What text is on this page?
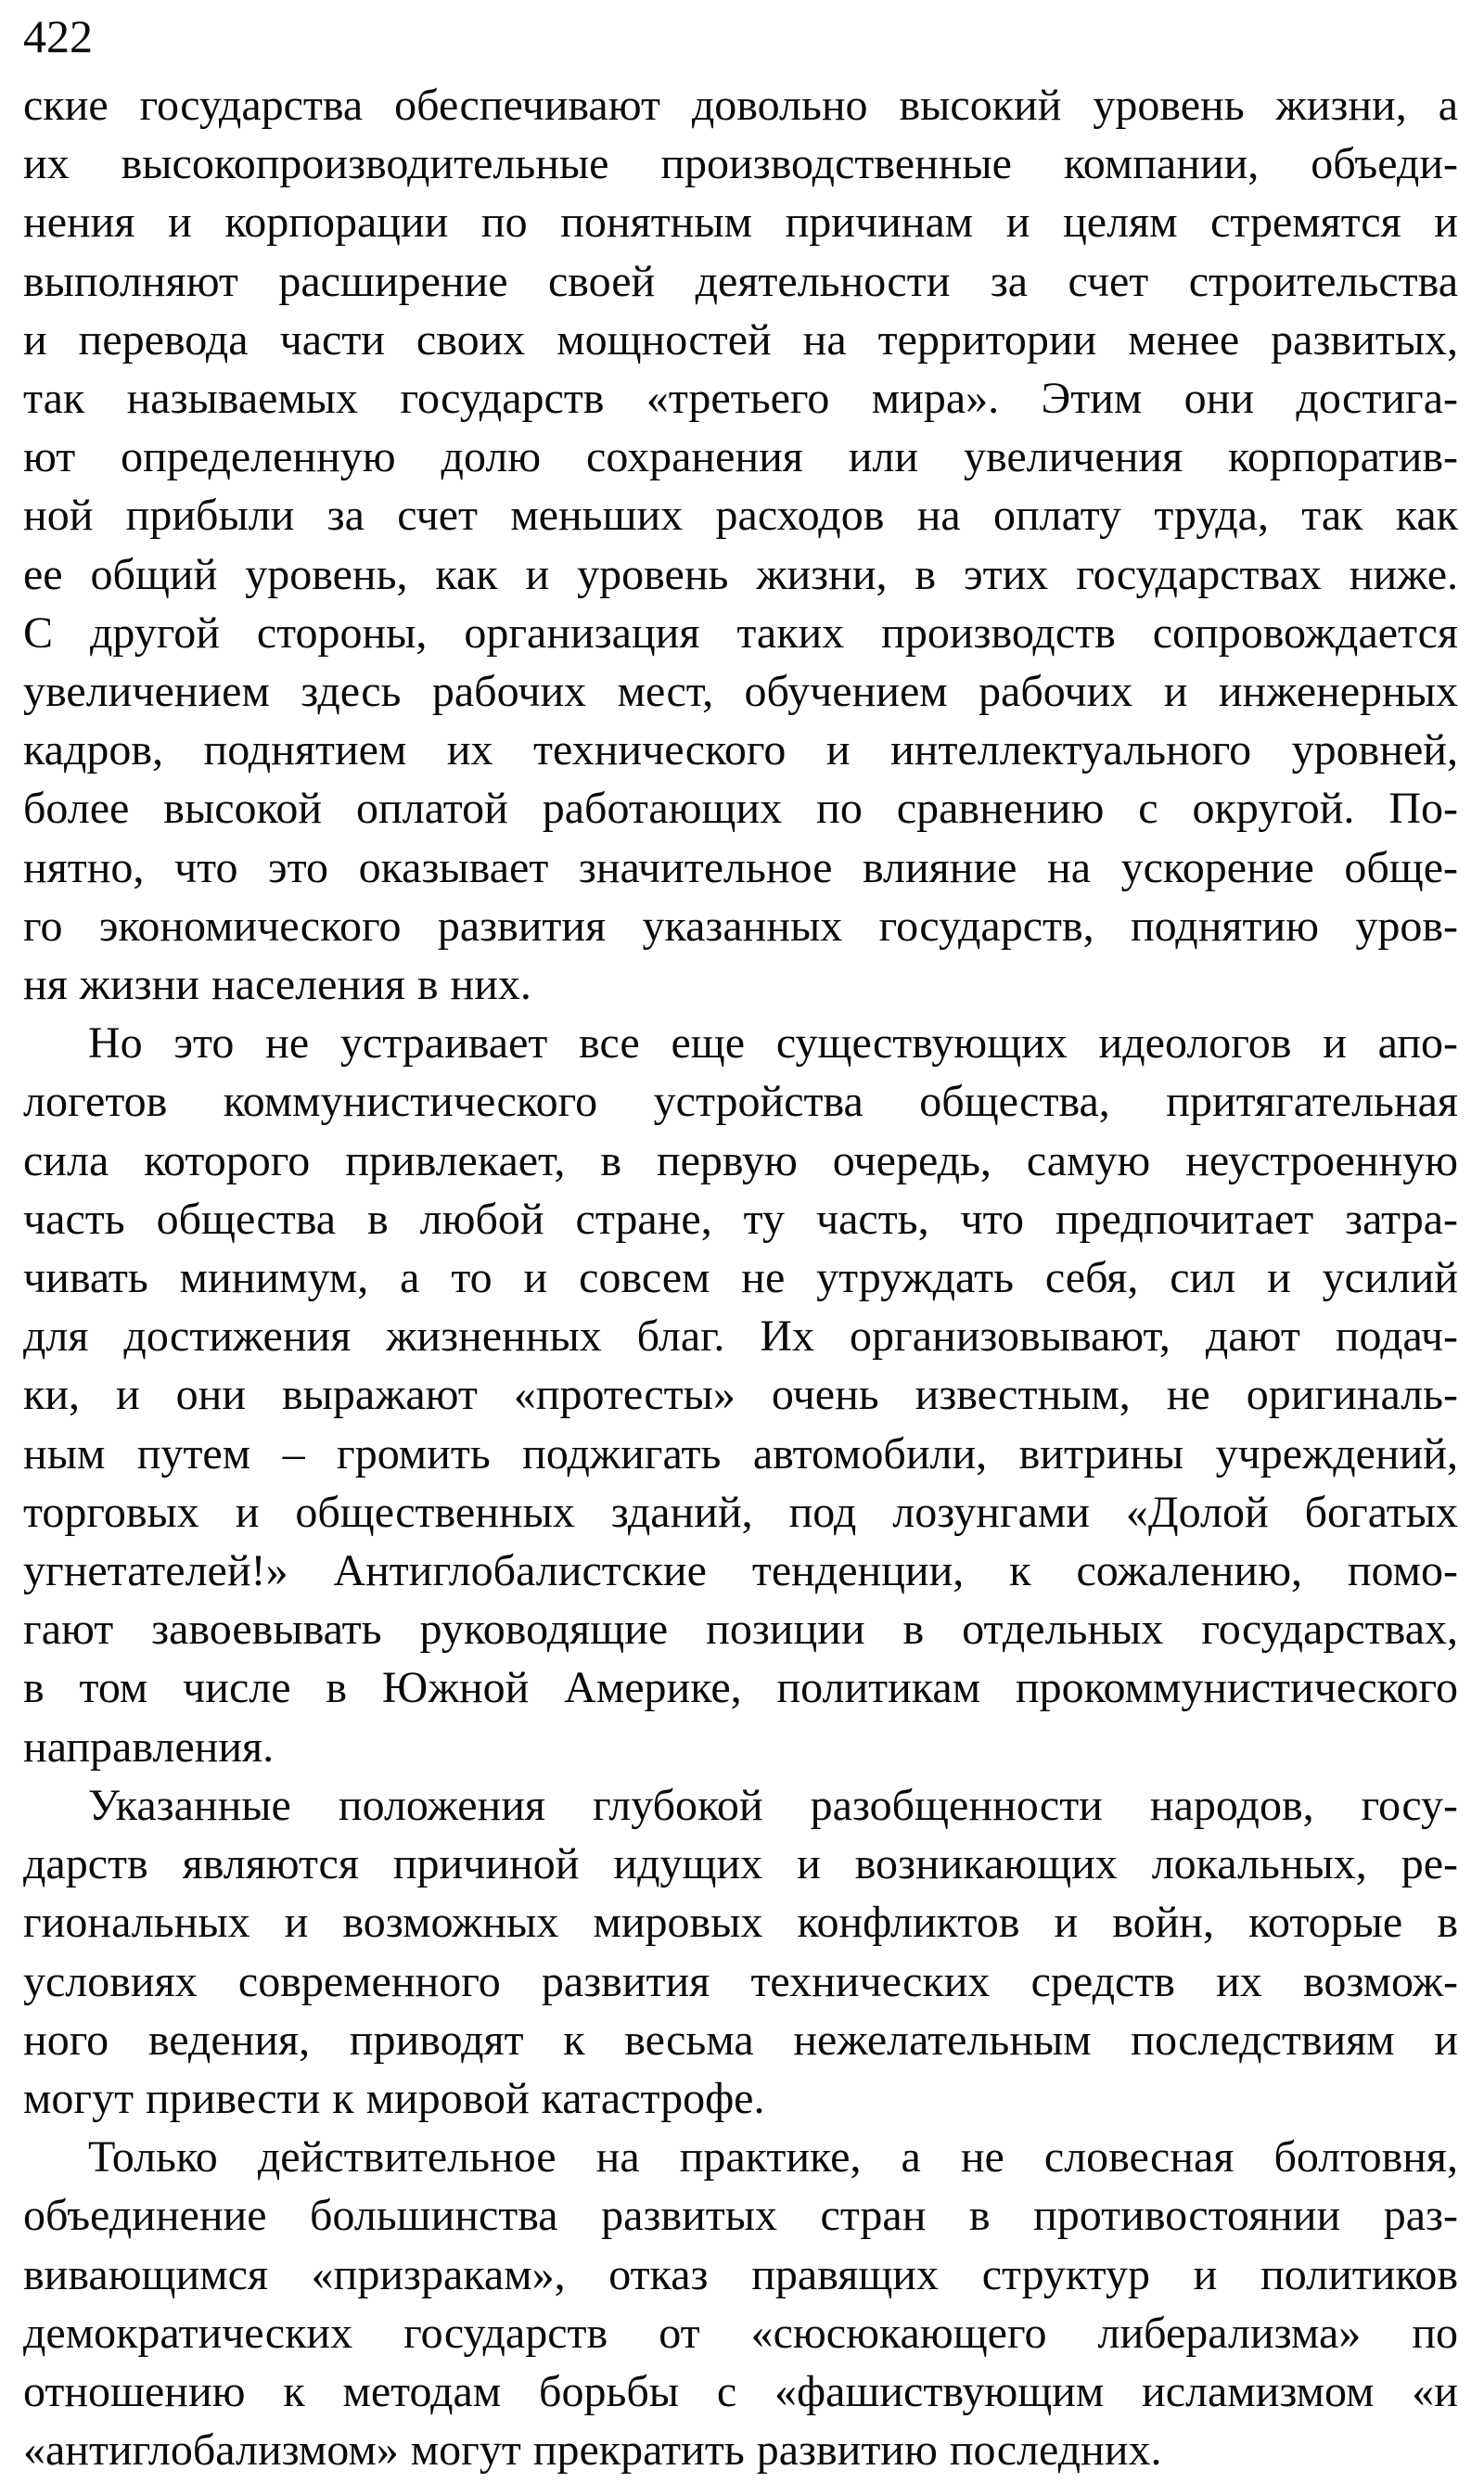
422
ские государства обеспечивают довольно высокий уровень жизни, а
их высокопроизводительные производственные компании, объеди-
нения и корпорации по понятным причинам и целям стремятся и
выполняют расширение своей деятельности за счет строительства
и перевода части своих мощностей на территории менее развитых,
так называемых государств «третьего мира». Этим они достига-
ют определенную долю сохранения или увеличения корпоратив-
ной прибыли за счет меньших расходов на оплату труда, так как
ее общий уровень, как и уровень жизни, в этих государствах ниже.
С другой стороны, организация таких производств сопровождается
увеличением здесь рабочих мест, обучением рабочих и инженерных
кадров, поднятием их технического и интеллектуального уровней,
более высокой оплатой работающих по сравнению с округой. По-
нятно, что это оказывает значительное влияние на ускорение обще-
го экономического развития указанных государств, поднятию уров-
ня жизни населения в них.
Но это не устраивает все еще существующих идеологов и апо-
логетов коммунистического устройства общества, притягательная
сила которого привлекает, в первую очередь, самую неустроенную
часть общества в любой стране, ту часть, что предпочитает затра-
чивать минимум, а то и совсем не утруждать себя, сил и усилий
для достижения жизненных благ. Их организовывают, дают подач-
ки, и они выражают «протесты» очень известным, не оригиналь-
ным путем – громить поджигать автомобили, витрины учреждений,
торговых и общественных зданий, под лозунгами «Долой богатых
угнетателей!» Антиглобалистские тенденции, к сожалению, помо-
гают завоевывать руководящие позиции в отдельных государствах,
в том числе в Южной Америке, политикам прокоммунистического
направления.
Указанные положения глубокой разобщенности народов, госу-
дарств являются причиной идущих и возникающих локальных, ре-
гиональных и возможных мировых конфликтов и войн, которые в
условиях современного развития технических средств их возмож-
ного ведения, приводят к весьма нежелательным последствиям и
могут привести к мировой катастрофе.
Только действительное на практике, а не словесная болтовня,
объединение большинства развитых стран в противостоянии раз-
вивающимся «призракам», отказ правящих структур и политиков
демократических государств от «сюсюкающего либерализма» по
отношению к методам борьбы с «фашиствующим исламизмом «и
«антиглобализмом» могут прекратить развитию последних.
